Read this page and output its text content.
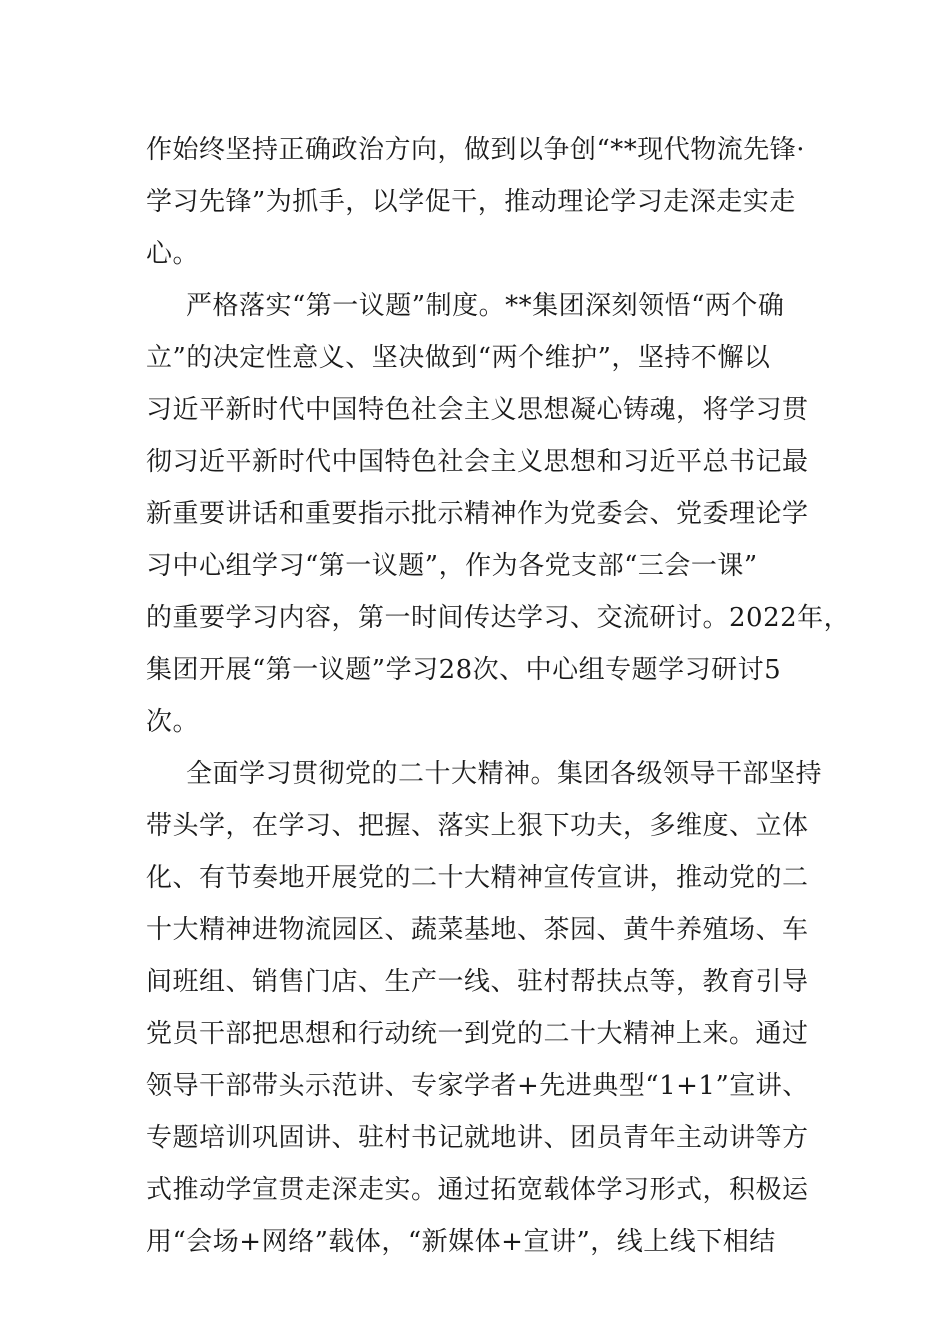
作始终坚持正确政治方向，做到以争创“**现代物流先锋·
学习先锋”为抓手，以学促干，推动理论学习走深走实走
心。
严格落实“第一议题”制度。**集团深刻领悟“两个确
立”的决定性意义、坚决做到“两个维护”，坚持不懈以
习近平新时代中国特色社会主义思想凝心铸魂，将学习贯
彻习近平新时代中国特色社会主义思想和习近平总书记最
新重要讲话和重要指示批示精神作为党委会、党委理论学
习中心组学习“第一议题”，作为各党支部“三会一课”
的重要学习内容，第一时间传达学习、交流研讨。2022年，
集团开展“第一议题”学习28次、中心组专题学习研讨5
次。
全面学习贯彻党的二十大精神。集团各级领导干部坚持
带头学，在学习、把握、落实上狠下功夫，多维度、立体
化、有节奏地开展党的二十大精神宣传宣讲，推动党的二
十大精神进物流园区、蔬菜基地、茶园、黄牛养殖场、车
间班组、销售门店、生产一线、驻村帮扶点等，教育引导
党员干部把思想和行动统一到党的二十大精神上来。通过
领导干部带头示范讲、专家学者+先进典型“1+1”宣讲、
专题培训巩固讲、驻村书记就地讲、团员青年主动讲等方
式推动学宣贯走深走实。通过拓宽载体学习形式，积极运
用“会场+网络”载体，“新媒体+宣讲”，线上线下相结
